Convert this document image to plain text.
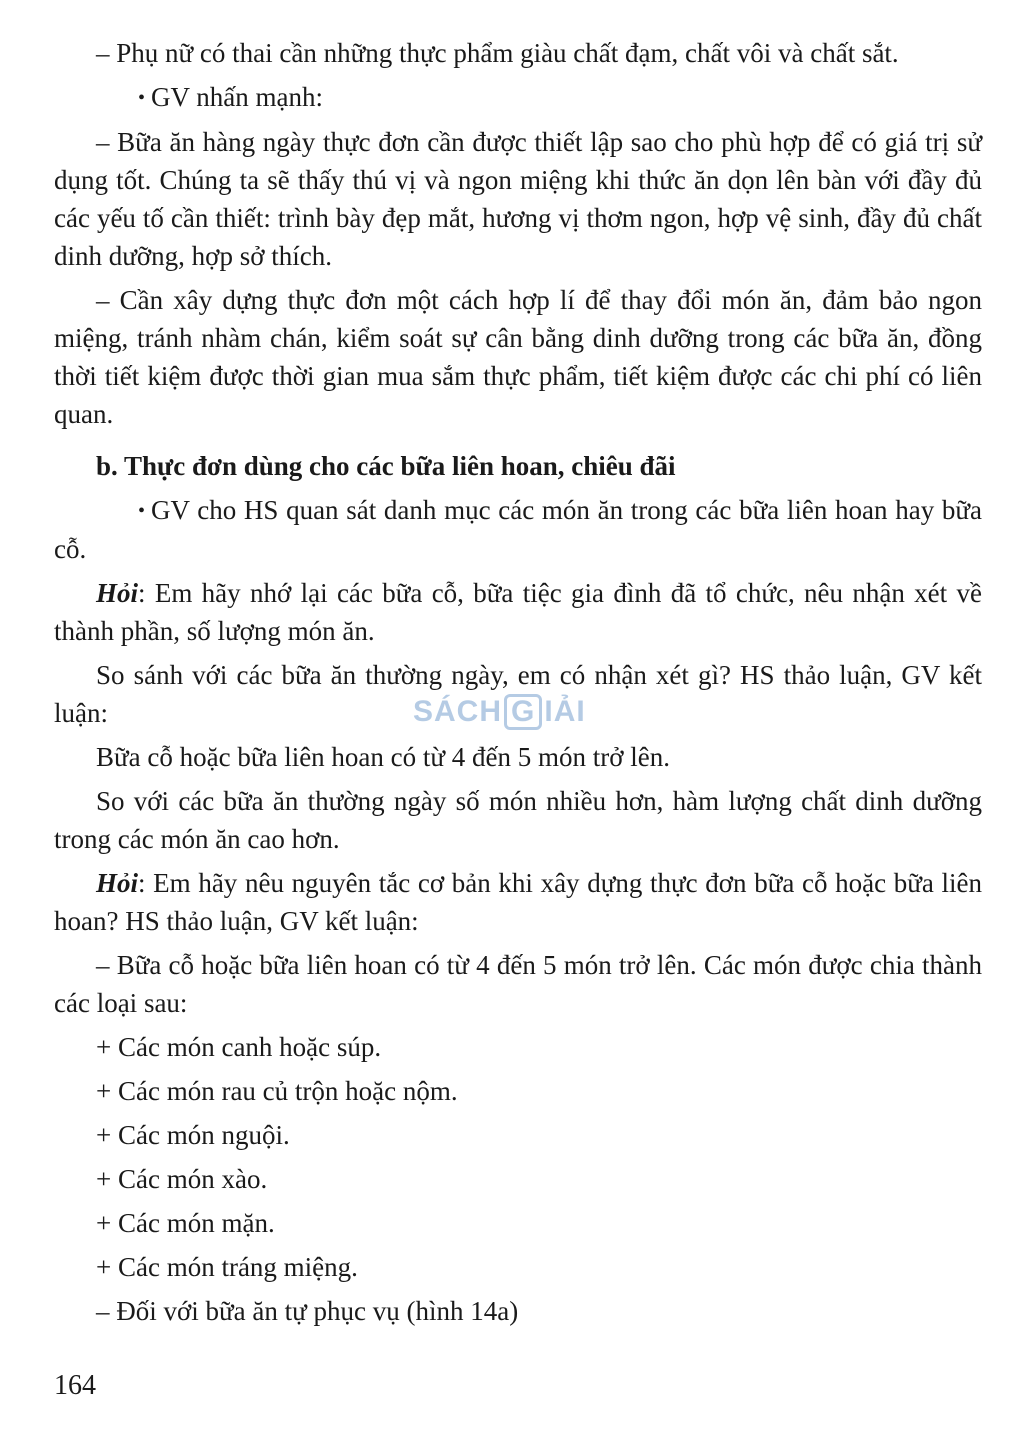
– Phụ nữ có thai cần những thực phẩm giàu chất đạm, chất vôi và chất sắt.

• GV nhấn mạnh:

– Bữa ăn hàng ngày thực đơn cần được thiết lập sao cho phù hợp để có giá trị sử dụng tốt. Chúng ta sẽ thấy thú vị và ngon miệng khi thức ăn dọn lên bàn với đầy đủ các yếu tố cần thiết: trình bày đẹp mắt, hương vị thơm ngon, hợp vệ sinh, đầy đủ chất dinh dưỡng, hợp sở thích.

– Cần xây dựng thực đơn một cách hợp lí để thay đổi món ăn, đảm bảo ngon miệng, tránh nhàm chán, kiểm soát sự cân bằng dinh dưỡng trong các bữa ăn, đồng thời tiết kiệm được thời gian mua sắm thực phẩm, tiết kiệm được các chi phí có liên quan.

b. Thực đơn dùng cho các bữa liên hoan, chiêu đãi

• GV cho HS quan sát danh mục các món ăn trong các bữa liên hoan hay bữa cỗ.

Hỏi: Em hãy nhớ lại các bữa cỗ, bữa tiệc gia đình đã tổ chức, nêu nhận xét về thành phần, số lượng món ăn.

So sánh với các bữa ăn thường ngày, em có nhận xét gì? HS thảo luận, GV kết luận:

Bữa cỗ hoặc bữa liên hoan có từ 4 đến 5 món trở lên.

So với các bữa ăn thường ngày số món nhiều hơn, hàm lượng chất dinh dưỡng trong các món ăn cao hơn.

Hỏi: Em hãy nêu nguyên tắc cơ bản khi xây dựng thực đơn bữa cỗ hoặc bữa liên hoan? HS thảo luận, GV kết luận:

– Bữa cỗ hoặc bữa liên hoan có từ 4 đến 5 món trở lên. Các món được chia thành các loại sau:

+ Các món canh hoặc súp.
+ Các món rau củ trộn hoặc nộm.
+ Các món nguội.
+ Các món xào.
+ Các món mặn.
+ Các món tráng miệng.

– Đối với bữa ăn tự phục vụ (hình 14a)

SÁCH G IẢI
164
